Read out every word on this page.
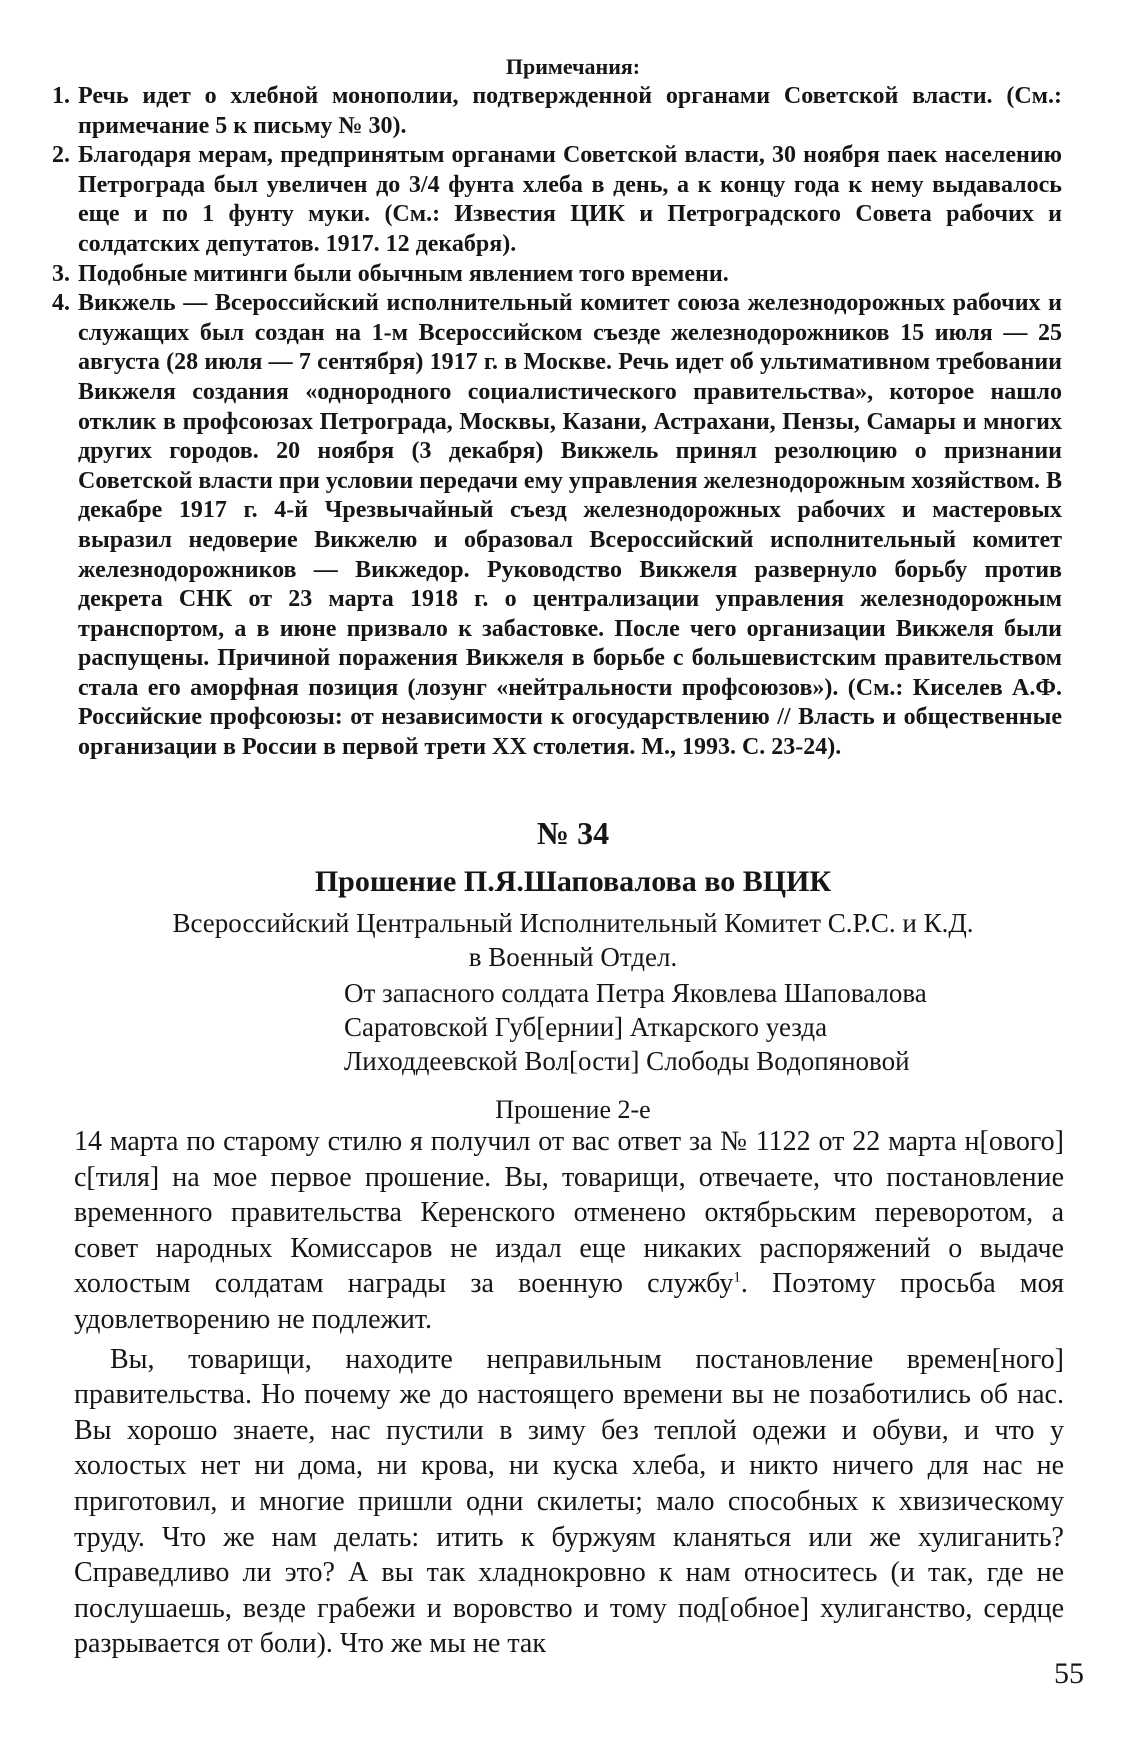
Примечания:
1. Речь идет о хлебной монополии, подтвержденной органами Советской власти. (См.: примечание 5 к письму № 30).
2. Благодаря мерам, предпринятым органами Советской власти, 30 ноября паек населению Петрограда был увеличен до 3/4 фунта хлеба в день, а к концу года к нему выдавалось еще и по 1 фунту муки. (См.: Известия ЦИК и Петроградского Совета рабочих и солдатских депутатов. 1917. 12 декабря).
3. Подобные митинги были обычным явлением того времени.
4. Викжель — Всероссийский исполнительный комитет союза железнодорожных рабочих и служащих был создан на 1-м Всероссийском съезде железнодорожников 15 июля — 25 августа (28 июля — 7 сентября) 1917 г. в Москве. Речь идет об ультимативном требовании Викжеля создания «однородного социалистического правительства», которое нашло отклик в профсоюзах Петрограда, Москвы, Казани, Астрахани, Пензы, Самары и многих других городов. 20 ноября (3 декабря) Викжель принял резолюцию о признании Советской власти при условии передачи ему управления железнодорожным хозяйством. В декабре 1917 г. 4-й Чрезвычайный съезд железнодорожных рабочих и мастеровых выразил недоверие Викжелю и образовал Всероссийский исполнительный комитет железнодорожников — Викжедор. Руководство Викжеля развернуло борьбу против декрета СНК от 23 марта 1918 г. о централизации управления железнодорожным транспортом, а в июне призвало к забастовке. После чего организации Викжеля были распущены. Причиной поражения Викжеля в борьбе с большевистским правительством стала его аморфная позиция (лозунг «нейтральности профсоюзов»). (См.: Киселев А.Ф. Российские профсоюзы: от независимости к огосударствлению // Власть и общественные организации в России в первой трети XX столетия. М., 1993. С. 23-24).
№ 34
Прошение П.Я.Шаповалова во ВЦИК
Всероссийский Центральный Исполнительный Комитет С.Р.С. и К.Д.
в Военный Отдел.
От запасного солдата Петра Яковлева Шаповалова
Саратовской Губ[ернии] Аткарского уезда
Лиходдеевской Вол[ости] Слободы Водопяновой
Прошение 2-е

14 марта по старому стилю я получил от вас ответ за № 1122 от 22 марта н[ового] с[тиля] на мое первое прошение. Вы, товарищи, отвечаете, что постановление временного правительства Керенского отменено октябрьским переворотом, а совет народных Комиссаров не издал еще никаких распоряжений о выдаче холостым солдатам награды за военную службу$^1$. Поэтому просьба моя удовлетворению не подлежит.

Вы, товарищи, находите неправильным постановление времен[ного] правительства. Но почему же до настоящего времени вы не позаботились об нас. Вы хорошо знаете, нас пустили в зиму без теплой одежи и обуви, и что у холостых нет ни дома, ни крова, ни куска хлеба, и никто ничего для нас не приготовил, и многие пришли одни скилеты; мало способных к хвизическому труду. Что же нам делать: итить к буржуям кланяться или же хулиганить? Справедливо ли это? А вы так хладнокровно к нам относитесь (и так, где не послушаешь, везде грабежи и воровство и тому под[обное] хулиганство, сердце разрывается от боли). Что же мы не так

55
